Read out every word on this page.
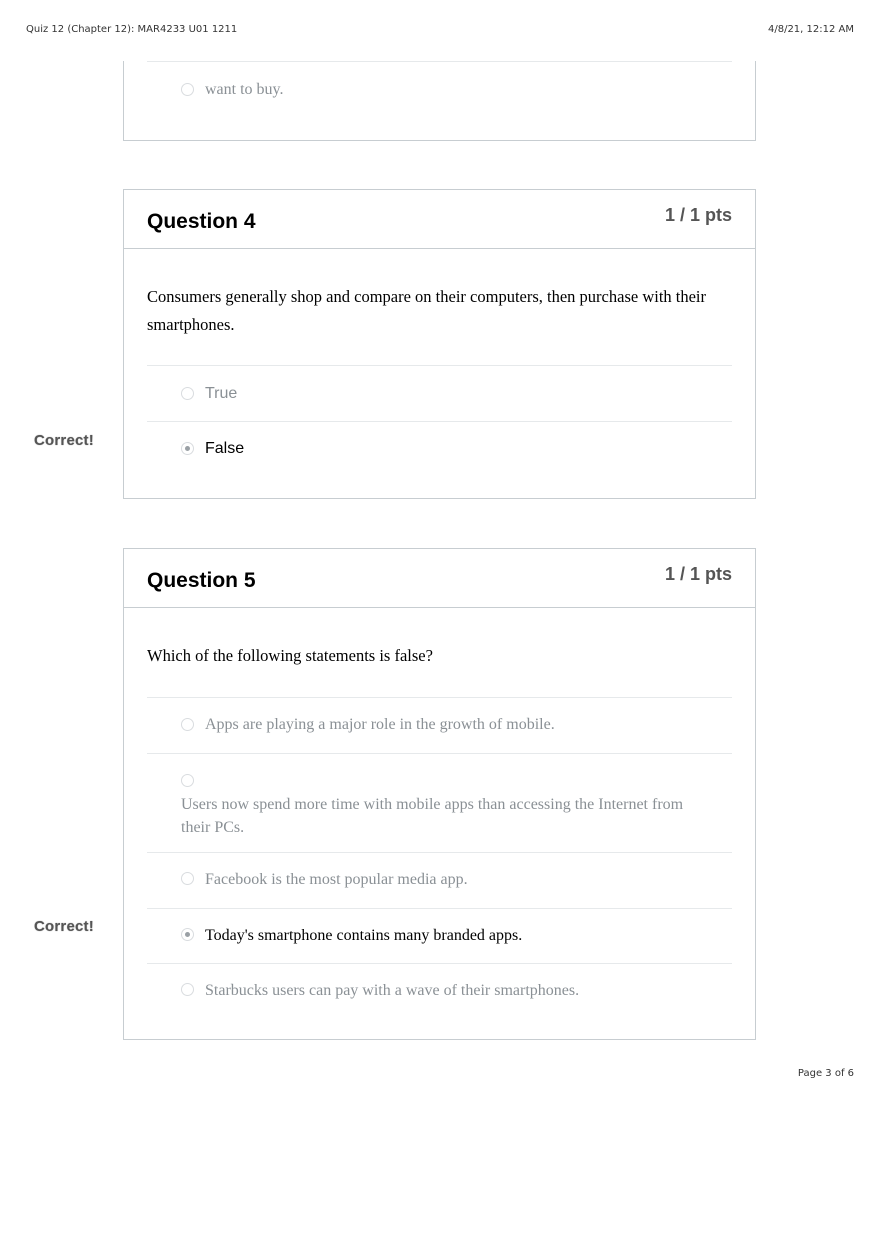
Quiz 12 (Chapter 12): MAR4233 U01 1211	4/8/21, 12:12 AM
want to buy.
Question 4	1 / 1 pts
Consumers generally shop and compare on their computers, then purchase with their smartphones.
True
False
Correct!
Question 5	1 / 1 pts
Which of the following statements is false?
Apps are playing a major role in the growth of mobile.
Users now spend more time with mobile apps than accessing the Internet from their PCs.
Facebook is the most popular media app.
Today's smartphone contains many branded apps.
Starbucks users can pay with a wave of their smartphones.
Correct!
Page 3 of 6
